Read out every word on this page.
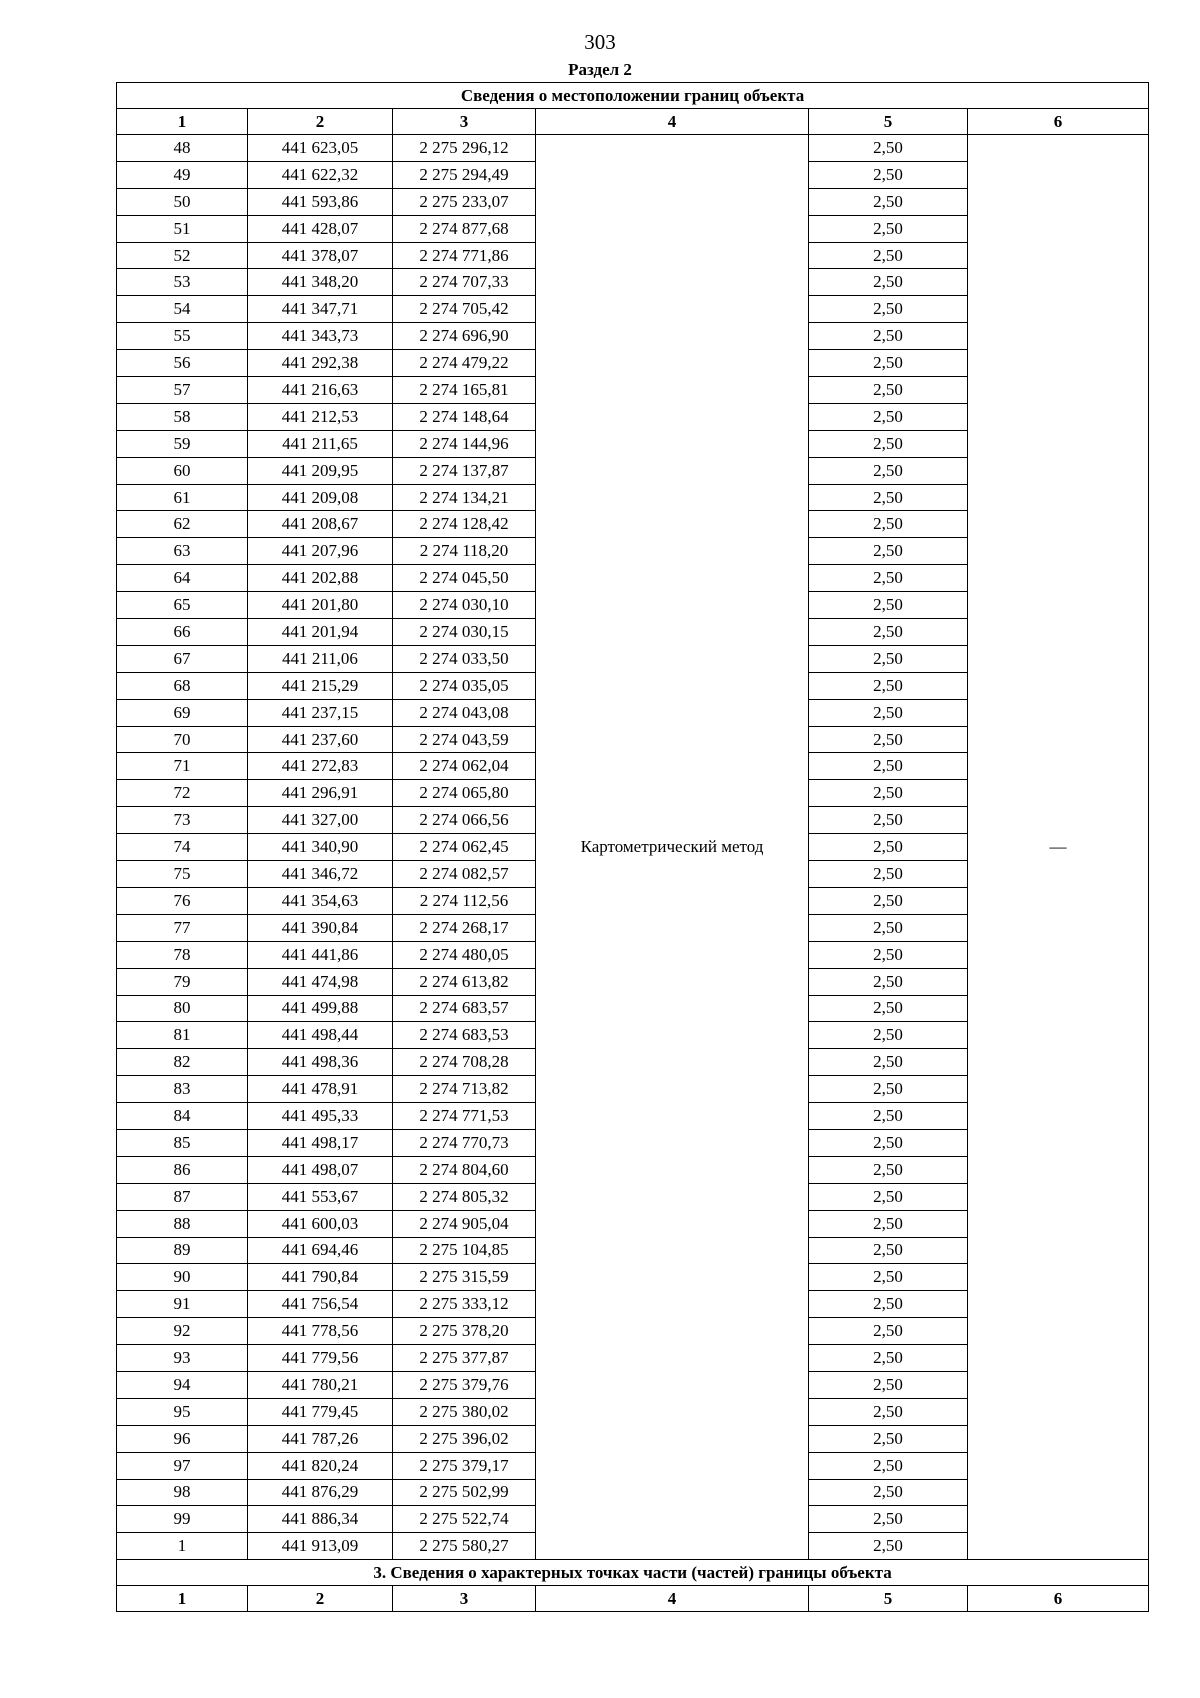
303
Раздел 2
Сведения о местоположении границ объекта					
1	2	3	4	5	6
48	441 623,05	2 275 296,12	Картометрический метод	2,50	—
49	441 622,32	2 275 294,49		2,50	
50	441 593,86	2 275 233,07		2,50	
51	441 428,07	2 274 877,68		2,50	
52	441 378,07	2 274 771,86		2,50	
53	441 348,20	2 274 707,33		2,50	
54	441 347,71	2 274 705,42		2,50	
55	441 343,73	2 274 696,90		2,50	
56	441 292,38	2 274 479,22		2,50	
57	441 216,63	2 274 165,81		2,50	
58	441 212,53	2 274 148,64		2,50	
59	441 211,65	2 274 144,96		2,50	
60	441 209,95	2 274 137,87		2,50	
61	441 209,08	2 274 134,21		2,50	
62	441 208,67	2 274 128,42		2,50	
63	441 207,96	2 274 118,20		2,50	
64	441 202,88	2 274 045,50		2,50	
65	441 201,80	2 274 030,10		2,50	
66	441 201,94	2 274 030,15		2,50	
67	441 211,06	2 274 033,50		2,50	
68	441 215,29	2 274 035,05		2,50	
69	441 237,15	2 274 043,08		2,50	
70	441 237,60	2 274 043,59		2,50	
71	441 272,83	2 274 062,04		2,50	
72	441 296,91	2 274 065,80		2,50	
73	441 327,00	2 274 066,56		2,50	
74	441 340,90	2 274 062,45		2,50	
75	441 346,72	2 274 082,57		2,50	
76	441 354,63	2 274 112,56		2,50	
77	441 390,84	2 274 268,17		2,50	
78	441 441,86	2 274 480,05		2,50	
79	441 474,98	2 274 613,82		2,50	
80	441 499,88	2 274 683,57		2,50	
81	441 498,44	2 274 683,53		2,50	
82	441 498,36	2 274 708,28		2,50	
83	441 478,91	2 274 713,82		2,50	
84	441 495,33	2 274 771,53		2,50	
85	441 498,17	2 274 770,73		2,50	
86	441 498,07	2 274 804,60		2,50	
87	441 553,67	2 274 805,32		2,50	
88	441 600,03	2 274 905,04		2,50	
89	441 694,46	2 275 104,85		2,50	
90	441 790,84	2 275 315,59		2,50	
91	441 756,54	2 275 333,12		2,50	
92	441 778,56	2 275 378,20		2,50	
93	441 779,56	2 275 377,87		2,50	
94	441 780,21	2 275 379,76		2,50	
95	441 779,45	2 275 380,02		2,50	
96	441 787,26	2 275 396,02		2,50	
97	441 820,24	2 275 379,17		2,50	
98	441 876,29	2 275 502,99		2,50	
99	441 886,34	2 275 522,74		2,50	
1	441 913,09	2 275 580,27		2,50	
3. Сведения о характерных точках части (частей) границы объекта					
1	2	3	4	5	6
